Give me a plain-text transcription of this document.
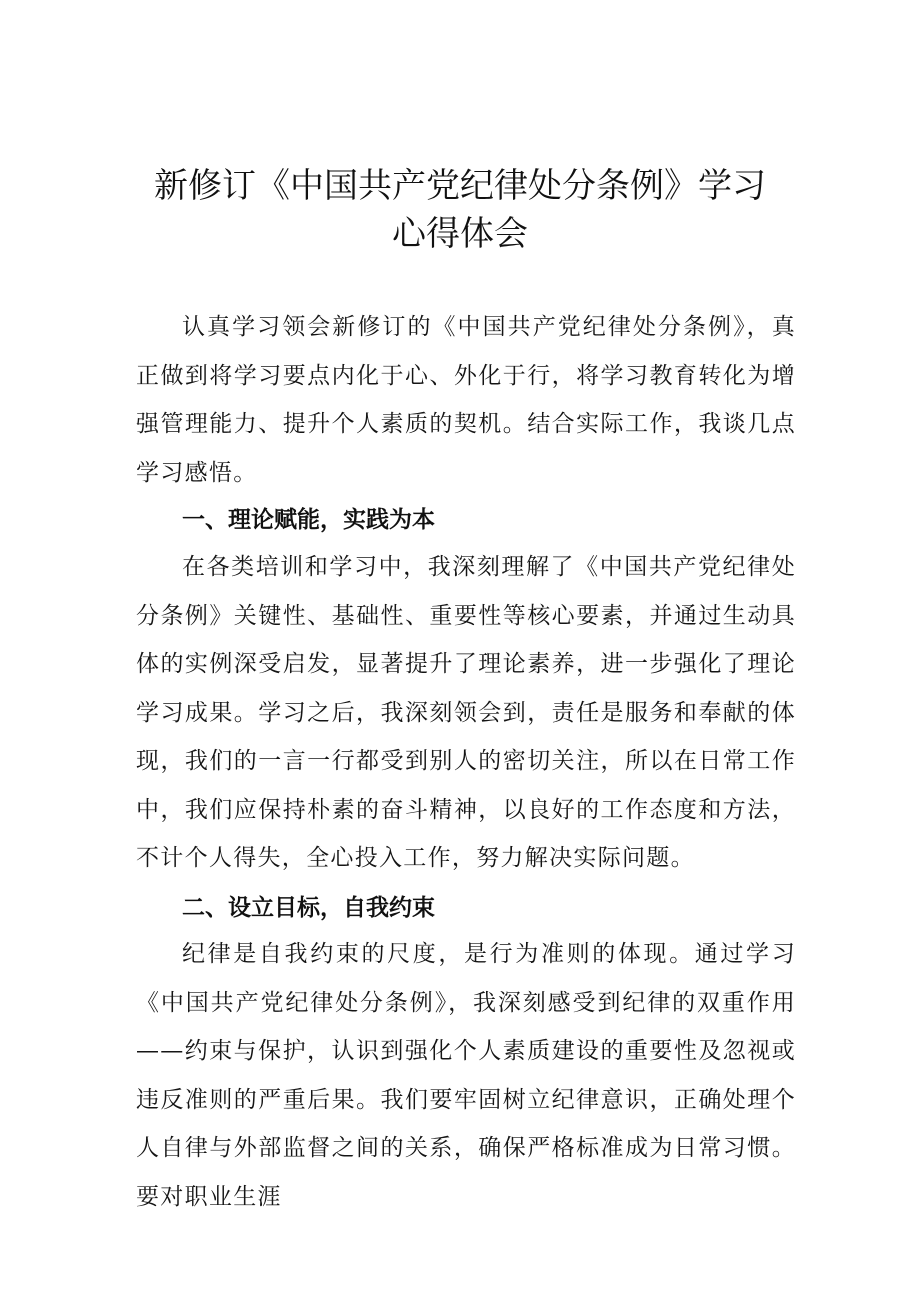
新修订《中国共产党纪律处分条例》学习
心得体会

认真学习领会新修订的《中国共产党纪律处分条例》，真正做到将学习要点内化于心、外化于行，将学习教育转化为增强管理能力、提升个人素质的契机。结合实际工作，我谈几点学习感悟。

一、理论赋能，实践为本

在各类培训和学习中，我深刻理解了《中国共产党纪律处分条例》关键性、基础性、重要性等核心要素，并通过生动具体的实例深受启发，显著提升了理论素养，进一步强化了理论学习成果。学习之后，我深刻领会到，责任是服务和奉献的体现，我们的一言一行都受到别人的密切关注，所以在日常工作中，我们应保持朴素的奋斗精神，以良好的工作态度和方法，不计个人得失，全心投入工作，努力解决实际问题。

二、设立目标，自我约束

纪律是自我约束的尺度，是行为准则的体现。通过学习《中国共产党纪律处分条例》，我深刻感受到纪律的双重作用——约束与保护，认识到强化个人素质建设的重要性及忽视或违反准则的严重后果。我们要牢固树立纪律意识，正确处理个人自律与外部监督之间的关系，确保严格标准成为日常习惯。要对职业生涯
